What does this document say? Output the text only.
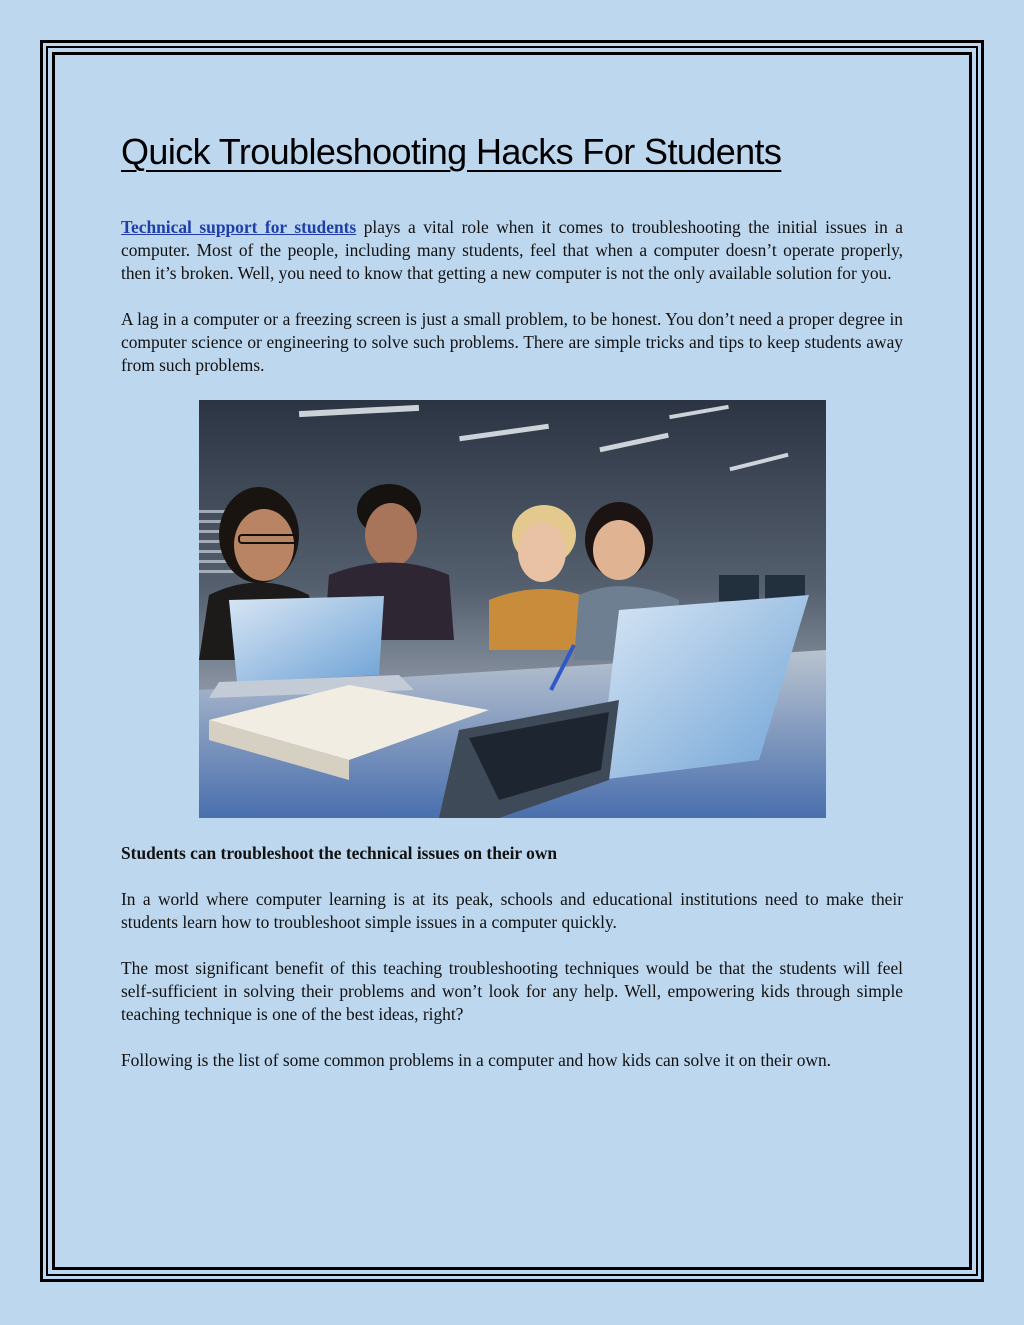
Quick Troubleshooting Hacks For Students

Technical support for students plays a vital role when it comes to troubleshooting the initial issues in a computer. Most of the people, including many students, feel that when a computer doesn’t operate properly, then it’s broken. Well, you need to know that getting a new computer is not the only available solution for you.

A lag in a computer or a freezing screen is just a small problem, to be honest. You don’t need a proper degree in computer science or engineering to solve such problems. There are simple tricks and tips to keep students away from such problems.

Students can troubleshoot the technical issues on their own

In a world where computer learning is at its peak, schools and educational institutions need to make their students learn how to troubleshoot simple issues in a computer quickly.

The most significant benefit of this teaching troubleshooting techniques would be that the students will feel self-sufficient in solving their problems and won’t look for any help. Well, empowering kids through simple teaching technique is one of the best ideas, right?

Following is the list of some common problems in a computer and how kids can solve it on their own.
